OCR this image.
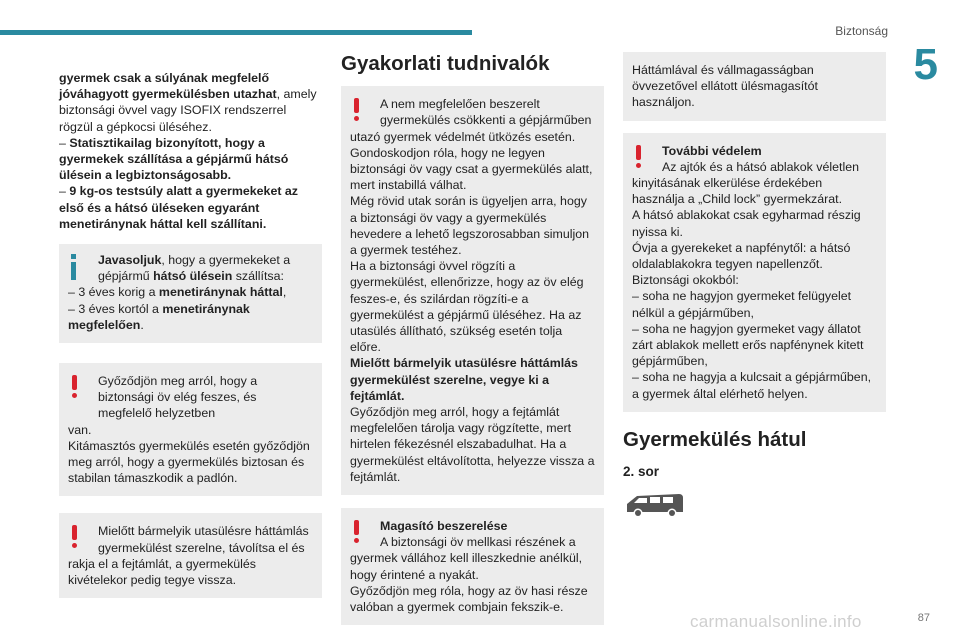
Biztonság
5

gyermek csak a súlyának megfelelő jóváhagyott gyermekülésben utazhat, amely biztonsági övvel vagy ISOFIX rendszerrel rögzül a gépkocsi üléséhez.
– Statisztikailag bizonyított, hogy a gyermekek szállítása a gépjármű hátsó ülésein a legbiztonságosabb.
– 9 kg-os testsúly alatt a gyermekeket az első és a hátsó üléseken egyaránt menetiránynak háttal kell szállítani.

Javasoljuk, hogy a gyermekeket a gépjármű hátsó ülésein szállítsa:
– 3 éves korig a menetiránynak háttal,
– 3 éves kortól a menetiránynak megfelelően.
Győződjön meg arról, hogy a biztonsági öv elég feszes, és megfelelő helyzetben
van.
Kitámasztós gyermekülés esetén győződjön meg arról, hogy a gyermekülés biztosan és stabilan támaszkodik a padlón.
Mielőtt bármelyik utasülésre háttámlás gyermekülést szerelne, távolítsa el és
rakja el a fejtámlát, a gyermekülés kivételekor pedig tegye vissza.
Gyakorlati tudnivalók
A nem megfelelően beszerelt gyermekülés csökkenti a gépjárműben
utazó gyermek védelmét ütközés esetén.
Gondoskodjon róla, hogy ne legyen biztonsági öv vagy csat a gyermekülés alatt, mert instabillá válhat.
Még rövid utak során is ügyeljen arra, hogy a biztonsági öv vagy a gyermekülés hevedere a lehető legszorosabban simuljon a gyermek testéhez.
Ha a biztonsági övvel rögzíti a gyermekülést, ellenőrizze, hogy az öv elég feszes-e, és szilárdan rögzíti-e a gyermekülést a gépjármű üléséhez. Ha az utasülés állítható, szükség esetén tolja előre.
Mielőtt bármelyik utasülésre háttámlás gyermekülést szerelne, vegye ki a fejtámlát.
Győződjön meg arról, hogy a fejtámlát megfelelően tárolja vagy rögzítette, mert hirtelen fékezésnél elszabadulhat. Ha a gyermekülést eltávolította, helyezze vissza a fejtámlát.
Magasító beszerelése
A biztonsági öv mellkasi részének a
gyermek vállához kell illeszkednie anélkül, hogy érintené a nyakát.
Győződjön meg róla, hogy az öv hasi része valóban a gyermek combjain fekszik-e.
Háttámlával és vállmagasságban övvezetővel ellátott ülésmagasítót használjon.
További védelem
Az ajtók és a hátsó ablakok véletlen
kinyitásának elkerülése érdekében használja a „Child lock” gyermekzárat.
A hátsó ablakokat csak egyharmad részig nyissa ki.
Óvja a gyerekeket a napfénytől: a hátsó oldalablakokra tegyen napellenzőt.
Biztonsági okokból:
– soha ne hagyjon gyermeket felügyelet nélkül a gépjárműben,
– soha ne hagyjon gyermeket vagy állatot zárt ablakok mellett erős napfénynek kitett gépjárműben,
– soha ne hagyja a kulcsait a gépjárműben, a gyermek által elérhető helyen.
Gyermekülés hátul
2. sor
carmanualsonline.info	87
